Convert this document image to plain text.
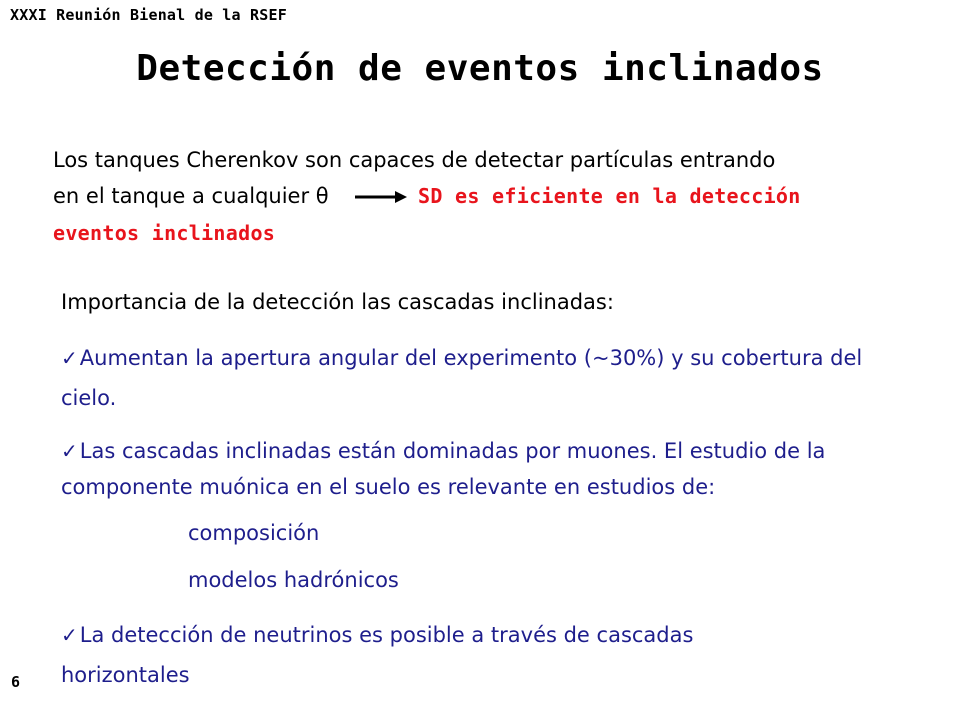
XXXI Reunión Bienal de la RSEF
Detección de eventos inclinados
Los tanques Cherenkov son capaces de detectar partículas entrando
en el tanque a cualquier θ	SD es eficiente en la detección
eventos inclinados
Importancia de la detección las cascadas inclinadas:
✓Aumentan la apertura angular del experimento (~30%) y su cobertura del cielo.
✓Las cascadas inclinadas están dominadas por muones. El estudio de la componente muónica en el suelo es relevante en estudios de:
composición
modelos hadrónicos
✓La detección de neutrinos es posible a través de cascadas horizontales
6
